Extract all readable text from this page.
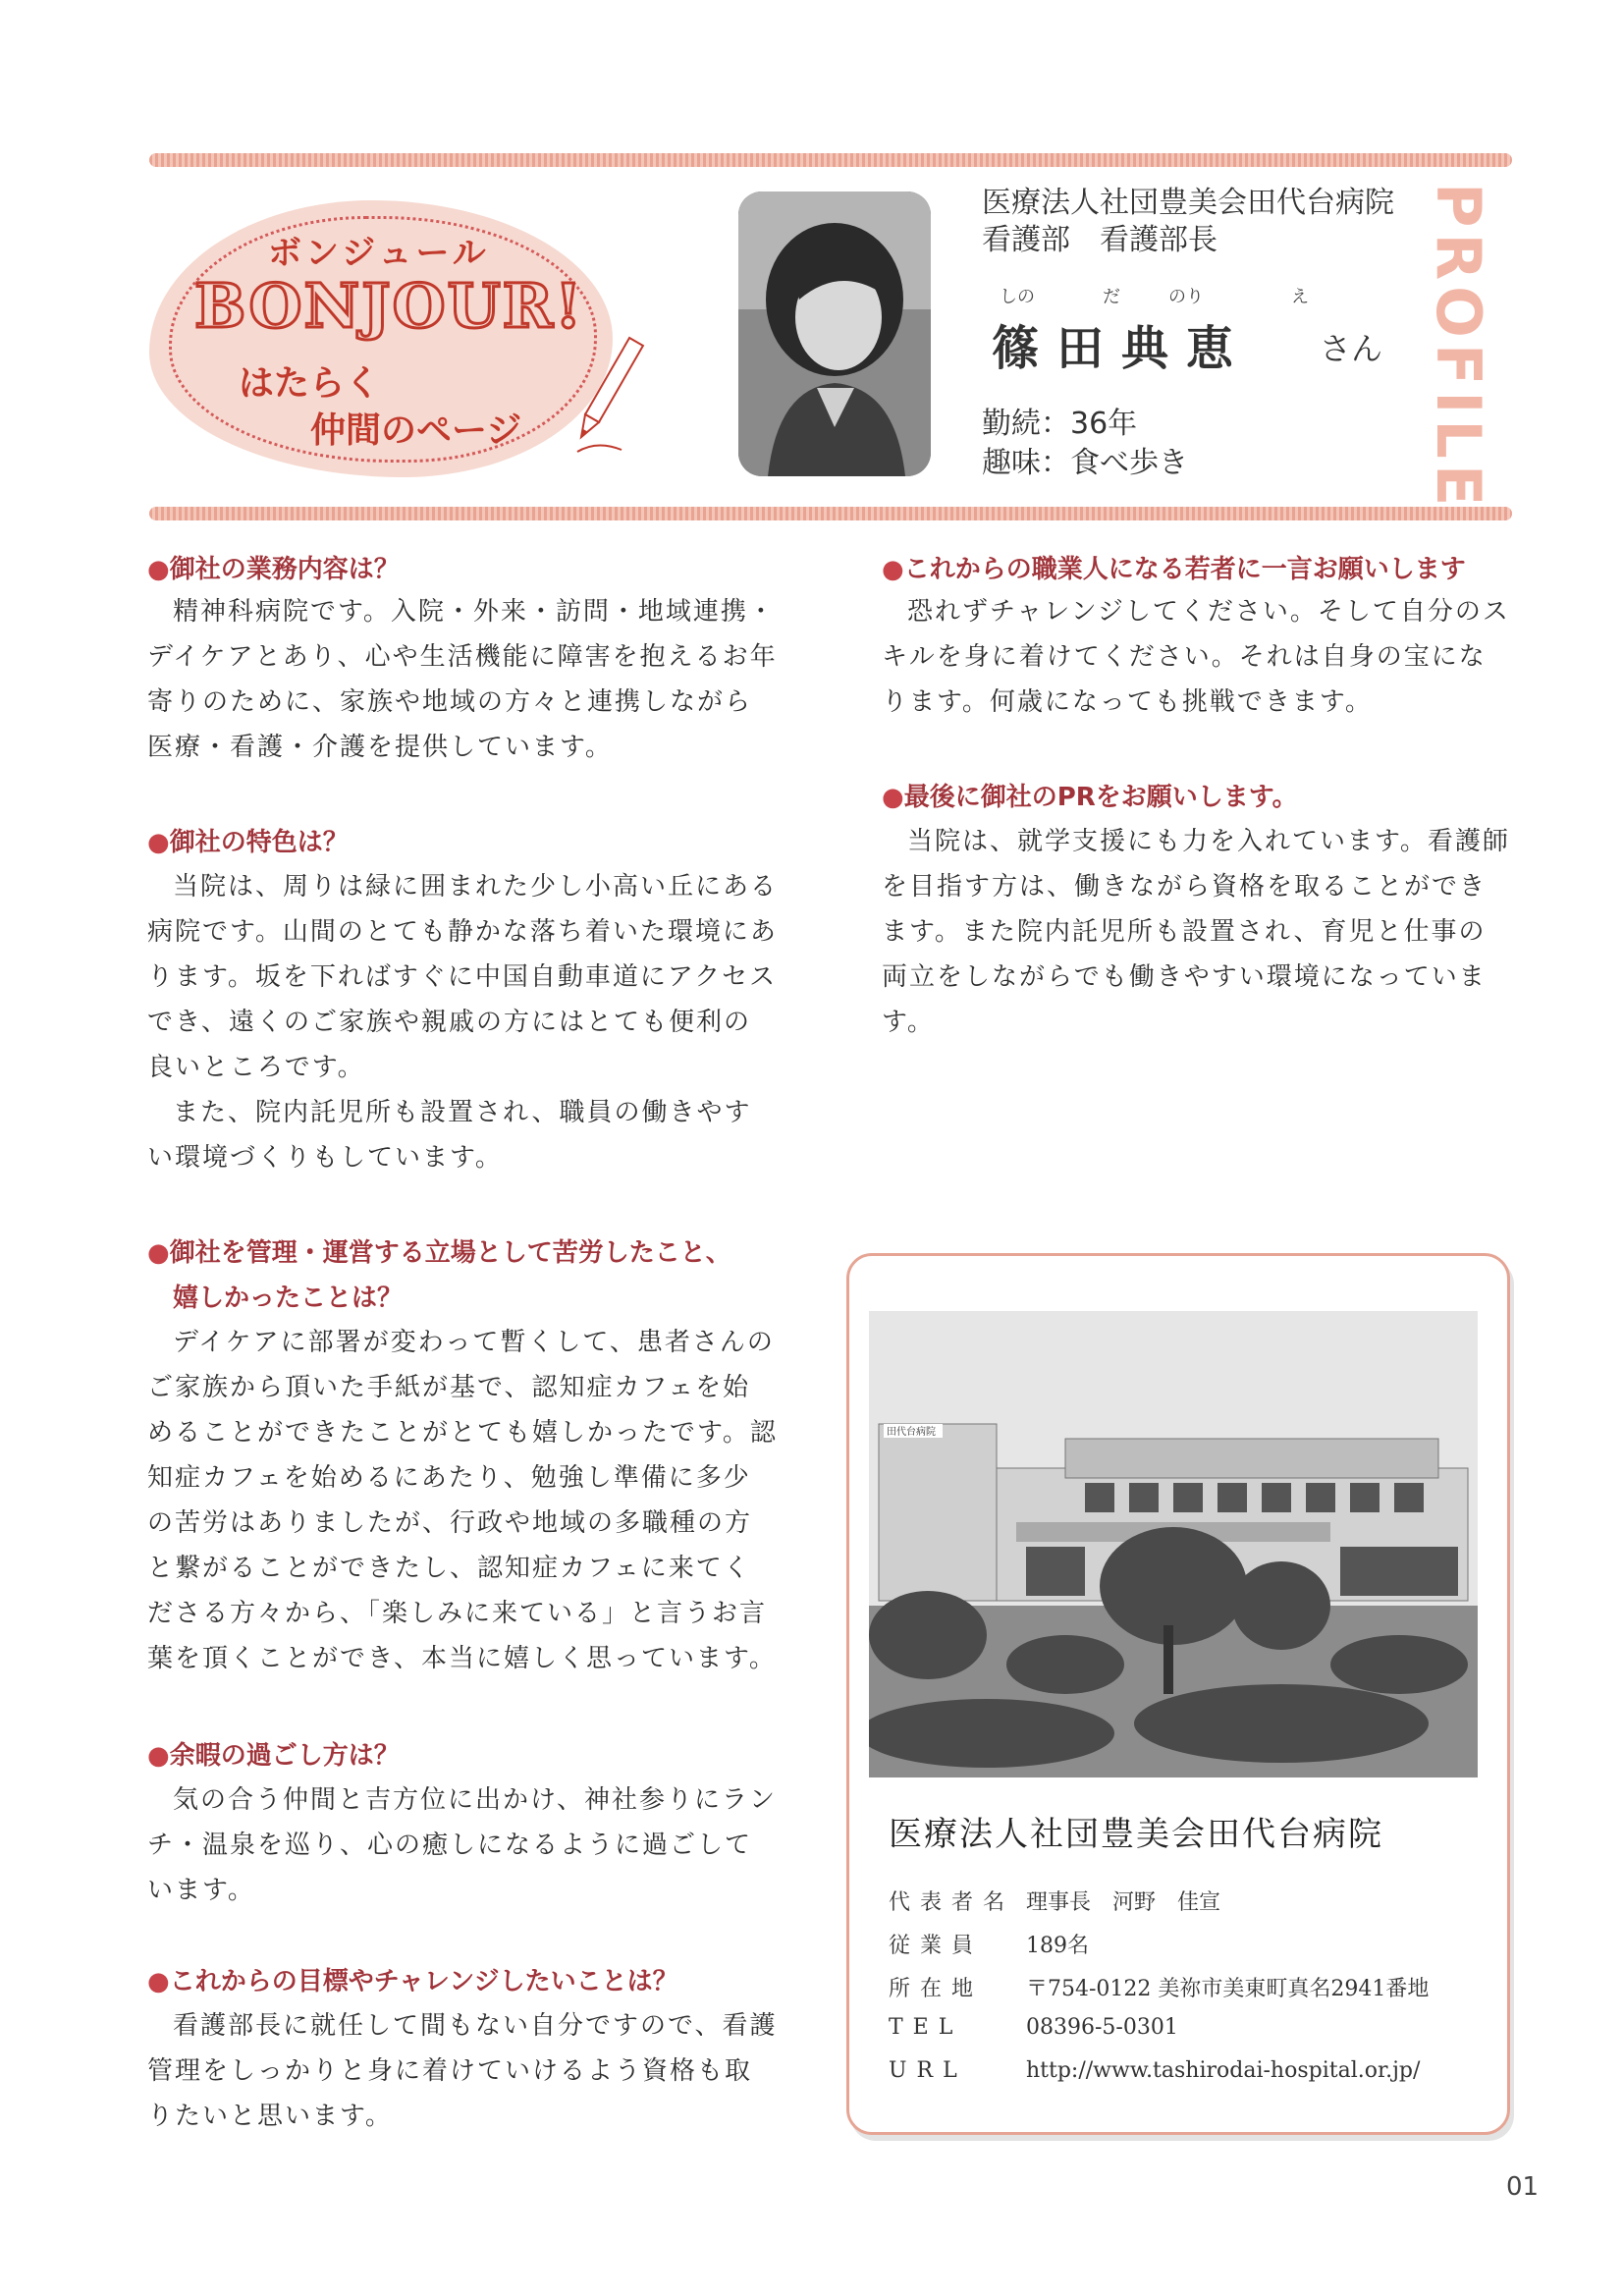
ボンジュール
BONJOUR!
はたらく
仲間のページ
医療法人社団豊美会田代台病院
看護部　看護部長
しの	だ	のり	え
篠田典恵 さん
勤続：36年
趣味：食べ歩き	PROFILE
●御社の業務内容は？
精神科病院です。入院・外来・訪問・地域連携・デイケアとあり、心や生活機能に障害を抱えるお年寄りのために、家族や地域の方々と連携しながら医療・看護・介護を提供しています。
●御社の特色は？
当院は、周りは緑に囲まれた少し小高い丘にある病院です。山間のとても静かな落ち着いた環境にあります。坂を下ればすぐに中国自動車道にアクセスでき、遠くのご家族や親戚の方にはとても便利の良いところです。
また、院内託児所も設置され、職員の働きやすい環境づくりもしています。
●御社を管理・運営する立場として苦労したこと、
嬉しかったことは？
デイケアに部署が変わって暫くして、患者さんのご家族から頂いた手紙が基で、認知症カフェを始めることができたことがとても嬉しかったです。認知症カフェを始めるにあたり、勉強し準備に多少の苦労はありましたが、行政や地域の多職種の方と繋がることができたし、認知症カフェに来てくださる方々から、「楽しみに来ている」と言うお言葉を頂くことができ、本当に嬉しく思っています。
●余暇の過ごし方は？
気の合う仲間と吉方位に出かけ、神社参りにランチ・温泉を巡り、心の癒しになるように過ごしています。
●これからの目標やチャレンジしたいことは？
看護部長に就任して間もない自分ですので、看護管理をしっかりと身に着けていけるよう資格も取りたいと思います。
●これからの職業人になる若者に一言お願いします
恐れずチャレンジしてください。そして自分のスキルを身に着けてください。それは自身の宝になります。何歳になっても挑戦できます。
●最後に御社のPRをお願いします。
当院は、就学支援にも力を入れています。看護師を目指す方は、働きながら資格を取ることができます。また院内託児所も設置され、育児と仕事の両立をしながらでも働きやすい環境になっています。
田代台病院
医療法人社団豊美会田代台病院
代表者名 理事長　河野　佳宣
従業員 189名
所在地 〒754-0122 美祢市美東町真名2941番地
TEL	08396-5-0301
URL	http://www.tashirodai-hospital.or.jp/
01
